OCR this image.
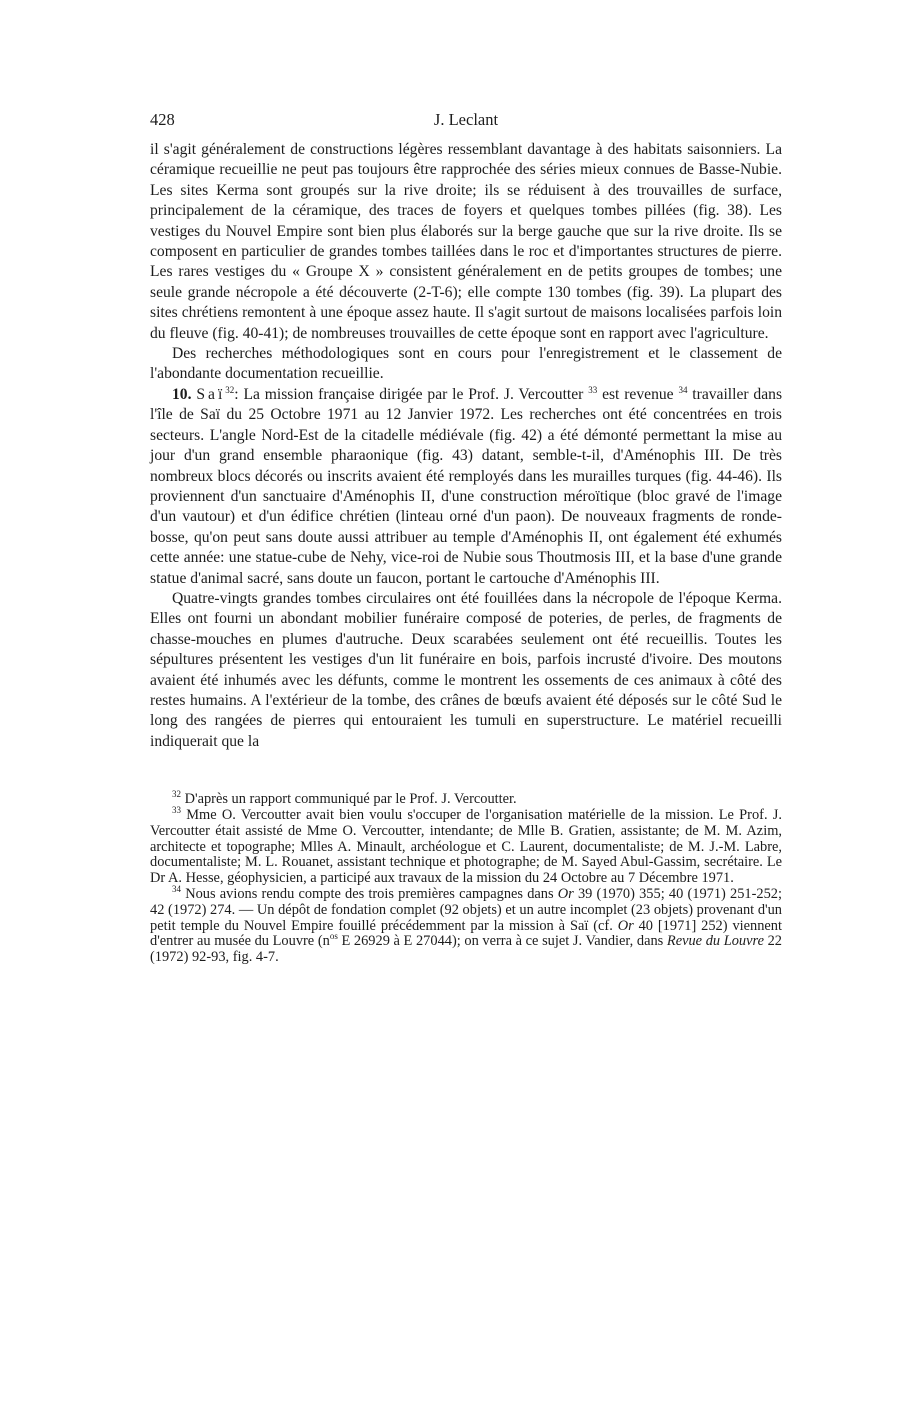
428	J. Leclant

il s'agit généralement de constructions légères ressemblant davantage à des habitats saisonniers. La céramique recueillie ne peut pas toujours être rapprochée des séries mieux connues de Basse-Nubie. Les sites Kerma sont groupés sur la rive droite; ils se réduisent à des trouvailles de surface, principalement de la céramique, des traces de foyers et quelques tombes pillées (fig. 38). Les vestiges du Nouvel Empire sont bien plus élaborés sur la berge gauche que sur la rive droite. Ils se composent en particulier de grandes tombes taillées dans le roc et d'importantes structures de pierre. Les rares vestiges du « Groupe X » consistent généralement en de petits groupes de tombes; une seule grande nécropole a été découverte (2-T-6); elle compte 130 tombes (fig. 39). La plupart des sites chrétiens remontent à une époque assez haute. Il s'agit surtout de maisons localisées parfois loin du fleuve (fig. 40-41); de nombreuses trouvailles de cette époque sont en rapport avec l'agriculture.

Des recherches méthodologiques sont en cours pour l'enregistrement et le classement de l'abondante documentation recueillie.

10. Saï$^{32}$: La mission française dirigée par le Prof. J. Vercoutter $^{33}$ est revenue $^{34}$ travailler dans l'île de Saï du 25 Octobre 1971 au 12 Janvier 1972. Les recherches ont été concentrées en trois secteurs. L'angle Nord-Est de la citadelle médiévale (fig. 42) a été démonté permettant la mise au jour d'un grand ensemble pharaonique (fig. 43) datant, semble-t-il, d'Aménophis III. De très nombreux blocs décorés ou inscrits avaient été remployés dans les murailles turques (fig. 44-46). Ils proviennent d'un sanctuaire d'Aménophis II, d'une construction méroïtique (bloc gravé de l'image d'un vautour) et d'un édifice chrétien (linteau orné d'un paon). De nouveaux fragments de ronde-bosse, qu'on peut sans doute aussi attribuer au temple d'Aménophis II, ont également été exhumés cette année: une statue-cube de Nehy, vice-roi de Nubie sous Thoutmosis III, et la base d'une grande statue d'animal sacré, sans doute un faucon, portant le cartouche d'Aménophis III.

Quatre-vingts grandes tombes circulaires ont été fouillées dans la nécropole de l'époque Kerma. Elles ont fourni un abondant mobilier funéraire composé de poteries, de perles, de fragments de chasse-mouches en plumes d'autruche. Deux scarabées seulement ont été recueillis. Toutes les sépultures présentent les vestiges d'un lit funéraire en bois, parfois incrusté d'ivoire. Des moutons avaient été inhumés avec les défunts, comme le montrent les ossements de ces animaux à côté des restes humains. A l'extérieur de la tombe, des crânes de bœufs avaient été déposés sur le côté Sud le long des rangées de pierres qui entouraient les tumuli en superstructure. Le matériel recueilli indiquerait que la

$^{32}$ D'après un rapport communiqué par le Prof. J. Vercoutter.

$^{33}$ Mme O. Vercoutter avait bien voulu s'occuper de l'organisation matérielle de la mission. Le Prof. J. Vercoutter était assisté de Mme O. Vercoutter, intendante; de Mlle B. Gratien, assistante; de M. M. Azim, architecte et topographe; Mlles A. Minault, archéologue et C. Laurent, documentaliste; de M. J.-M. Labre, documentaliste; M. L. Rouanet, assistant technique et photographe; de M. Sayed Abul-Gassim, secrétaire. Le Dr A. Hesse, géophysicien, a participé aux travaux de la mission du 24 Octobre au 7 Décembre 1971.

$^{34}$ Nous avions rendu compte des trois premières campagnes dans Or 39 (1970) 355; 40 (1971) 251-252; 42 (1972) 274. — Un dépôt de fondation complet (92 objets) et un autre incomplet (23 objets) provenant d'un petit temple du Nouvel Empire fouillé précédemment par la mission à Saï (cf. Or 40 [1971] 252) viennent d'entrer au musée du Louvre ($n^{os}$ E 26929 à E 27044); on verra à ce sujet J. Vandier, dans Revue du Louvre 22 (1972) 92-93, fig. 4-7.
